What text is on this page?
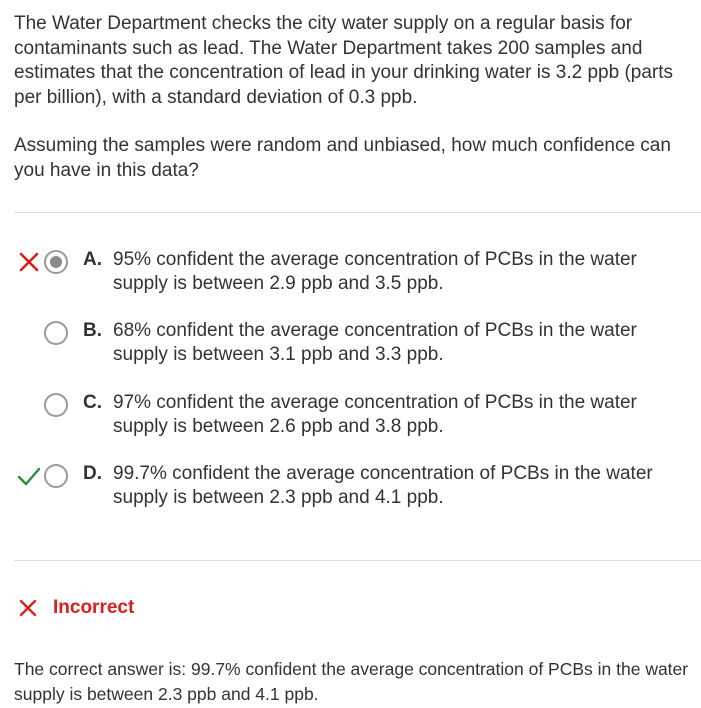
The Water Department checks the city water supply on a regular basis for contaminants such as lead. The Water Department takes 200 samples and estimates that the concentration of lead in your drinking water is 3.2 ppb (parts per billion), with a standard deviation of 0.3 ppb.

Assuming the samples were random and unbiased, how much confidence can you have in this data?

A. 95% confident the average concentration of PCBs in the water supply is between 2.9 ppb and 3.5 ppb.
B. 68% confident the average concentration of PCBs in the water supply is between 3.1 ppb and 3.3 ppb.
C. 97% confident the average concentration of PCBs in the water supply is between 2.6 ppb and 3.8 ppb.
D. 99.7% confident the average concentration of PCBs in the water supply is between 2.3 ppb and 4.1 ppb.
Incorrect
The correct answer is: 99.7% confident the average concentration of PCBs in the water supply is between 2.3 ppb and 4.1 ppb.
